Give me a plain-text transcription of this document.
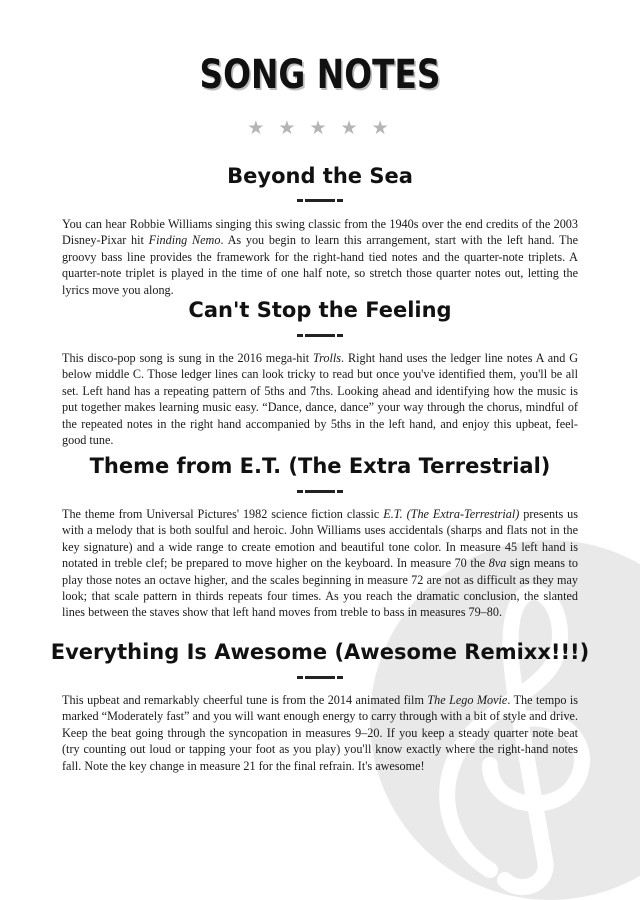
SONG NOTES
★ ★ ★ ★ ★
Beyond the Sea

You can hear Robbie Williams singing this swing classic from the 1940s over the end credits of the 2003 Disney-Pixar hit Finding Nemo. As you begin to learn this arrangement, start with the left hand. The groovy bass line provides the framework for the right-hand tied notes and the quarter-note triplets. A quarter-note triplet is played in the time of one half note, so stretch those quarter notes out, letting the lyrics move you along.

Can't Stop the Feeling

This disco-pop song is sung in the 2016 mega-hit Trolls. Right hand uses the ledger line notes A and G below middle C. Those ledger lines can look tricky to read but once you've identified them, you'll be all set. Left hand has a repeating pattern of 5ths and 7ths. Looking ahead and identifying how the music is put together makes learning music easy. “Dance, dance, dance” your way through the chorus, mindful of the repeated notes in the right hand accompanied by 5ths in the left hand, and enjoy this upbeat, feel-good tune.

Theme from E.T. (The Extra Terrestrial)

The theme from Universal Pictures' 1982 science fiction classic E.T. (The Extra-Terrestrial) presents us with a melody that is both soulful and heroic. John Williams uses accidentals (sharps and flats not in the key signature) and a wide range to create emotion and beautiful tone color. In measure 45 left hand is notated in treble clef; be prepared to move higher on the keyboard. In measure 70 the 8va sign means to play those notes an octave higher, and the scales beginning in measure 72 are not as difficult as they may look; that scale pattern in thirds repeats four times. As you reach the dramatic conclusion, the slanted lines between the staves show that left hand moves from treble to bass in measures 79–80.

Everything Is Awesome (Awesome Remixx!!!)

This upbeat and remarkably cheerful tune is from the 2014 animated film The Lego Movie. The tempo is marked “Moderately fast” and you will want enough energy to carry through with a bit of style and drive. Keep the beat going through the syncopation in measures 9–20. If you keep a steady quarter note beat (try counting out loud or tapping your foot as you play) you'll know exactly where the right-hand notes fall. Note the key change in measure 21 for the final refrain. It's awesome!
